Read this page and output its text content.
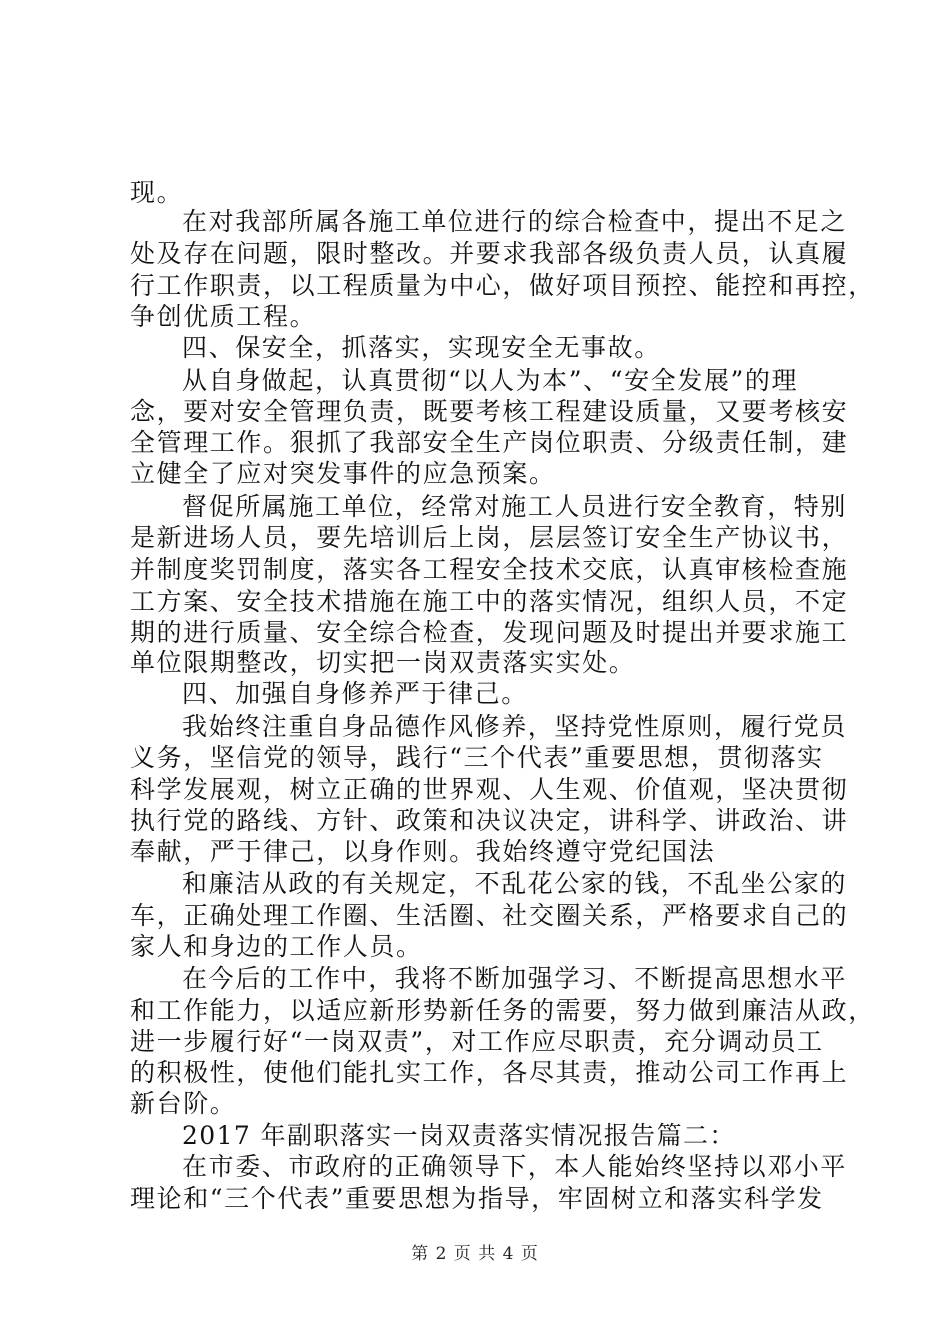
现。

在对我部所属各施工单位进行的综合检查中，提出不足之

处及存在问题，限时整改。并要求我部各级负责人员，认真履

行工作职责，以工程质量为中心，做好项目预控、能控和再控，

争创优质工程。

四、保安全，抓落实，实现安全无事故。

从自身做起，认真贯彻“以人为本”、“安全发展”的理

念，要对安全管理负责，既要考核工程建设质量，又要考核安

全管理工作。狠抓了我部安全生产岗位职责、分级责任制，建

立健全了应对突发事件的应急预案。

督促所属施工单位，经常对施工人员进行安全教育，特别

是新进场人员，要先培训后上岗，层层签订安全生产协议书，

并制度奖罚制度，落实各工程安全技术交底，认真审核检查施

工方案、安全技术措施在施工中的落实情况，组织人员，不定

期的进行质量、安全综合检查，发现问题及时提出并要求施工

单位限期整改，切实把一岗双责落实实处。

四、加强自身修养严于律己。

我始终注重自身品德作风修养，坚持党性原则，履行党员

义务，坚信党的领导，践行“三个代表”重要思想，贯彻落实

科学发展观，树立正确的世界观、人生观、价值观，坚决贯彻

执行党的路线、方针、政策和决议决定，讲科学、讲政治、讲

奉献，严于律己，以身作则。我始终遵守党纪国法

和廉洁从政的有关规定，不乱花公家的钱，不乱坐公家的

车，正确处理工作圈、生活圈、社交圈关系，严格要求自己的

家人和身边的工作人员。

在今后的工作中，我将不断加强学习、不断提高思想水平

和工作能力，以适应新形势新任务的需要，努力做到廉洁从政，

进一步履行好“一岗双责”，对工作应尽职责，充分调动员工

的积极性，使他们能扎实工作，各尽其责，推动公司工作再上

新台阶。

2017 年副职落实一岗双责落实情况报告篇二：

在市委、市政府的正确领导下，本人能始终坚持以邓小平

理论和“三个代表”重要思想为指导，牢固树立和落实科学发

第 2 页 共 4 页
